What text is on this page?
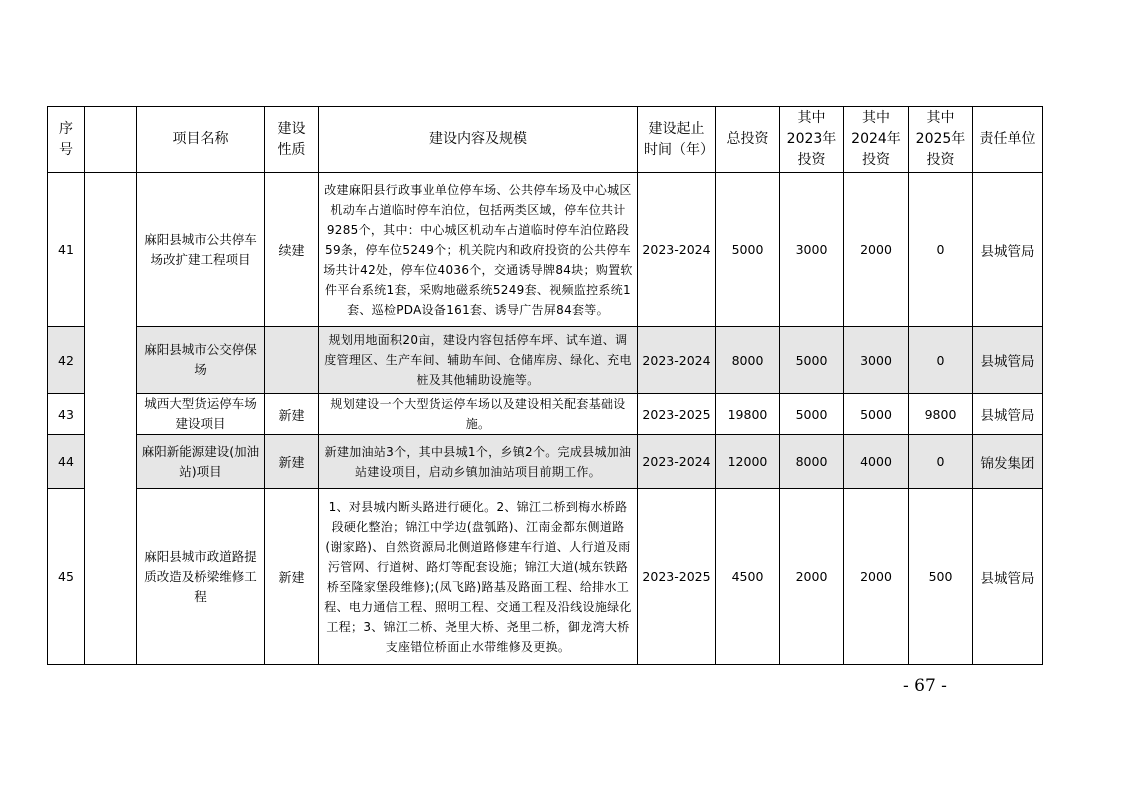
序号		项目名称	建设性质	建设内容及规模	建设起止时间（年）	总投资	其中2023年投资	其中2024年投资	其中2025年投资	责任单位
41		麻阳县城市公共停车场改扩建工程项目	续建	改建麻阳县行政事业单位停车场、公共停车场及中心城区机动车占道临时停车泊位，包括两类区域，停车位共计9285个，其中：中心城区机动车占道临时停车泊位路段59条，停车位5249个；机关院内和政府投资的公共停车场共计42处，停车位4036个，交通诱导牌84块；购置软件平台系统1套，采购地磁系统5249套、视频监控系统1套、巡检PDA设备161套、诱导广告屏84套等。	2023-2024	5000	3000	2000	0	县城管局
42		麻阳县城市公交停保场		规划用地面积20亩，建设内容包括停车坪、试车道、调度管理区、生产车间、辅助车间、仓储库房、绿化、充电桩及其他辅助设施等。	2023-2024	8000	5000	3000	0	县城管局
43		城西大型货运停车场建设项目	新建	规划建设一个大型货运停车场以及建设相关配套基础设施。	2023-2025	19800	5000	5000	9800	县城管局
44		麻阳新能源建设(加油站)项目	新建	新建加油站3个，其中县城1个，乡镇2个。完成县城加油站建设项目，启动乡镇加油站项目前期工作。	2023-2024	12000	8000	4000	0	锦发集团
45		麻阳县城市政道路提质改造及桥梁维修工程	新建	1、对县城内断头路进行硬化。2、锦江二桥到梅水桥路段硬化整治；锦江中学边(盘瓠路)、江南金都东侧道路(谢家路)、自然资源局北侧道路修建车行道、人行道及雨污管网、行道树、路灯等配套设施；锦江大道(城东铁路桥至隆家堡段维修);(凤飞路)路基及路面工程、给排水工程、电力通信工程、照明工程、交通工程及沿线设施绿化工程；3、锦江二桥、尧里大桥、尧里二桥，御龙湾大桥支座错位桥面止水带维修及更换。	2023-2025	4500	2000	2000	500	县城管局
- 67 -
